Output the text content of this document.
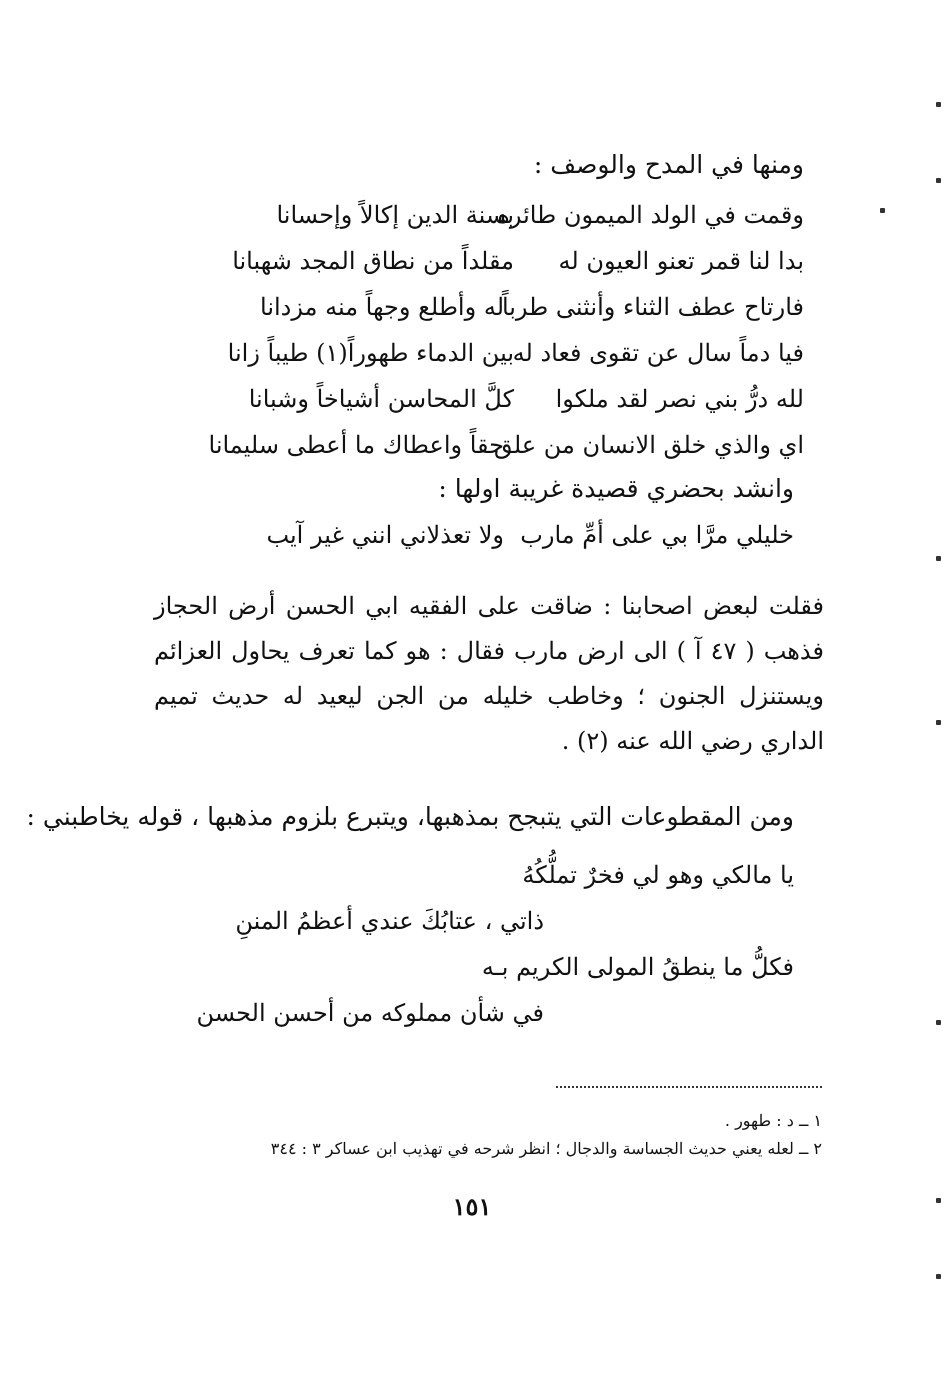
ومنها في المدح والوصف :
وقمت في الولد الميمون طائره
بسنة الدين إكالاً وإحسانا
بدا لنا قمر تعنو العيون له
مقلداً من نطاق المجد شهبانا
فارتاح عطف الثناء وأنثنى طرباً
له وأطلع وجهاً منه مزدانا
فيا دماً سال عن تقوى فعاد له
بين الدماء طهوراً(١) طيباً زانا
لله درُّ بني نصر لقد ملكوا
كلَّ المحاسن أشياخاً وشبانا
اي والذي خلق الانسان من علق
حقاً واعطاك ما أعطى سليمانا
وانشد بحضري قصيدة غريبة اولها :
خليلي مرَّا بي على أمِّ مارب
ولا تعذلاني انني غير آيب
فقلت لبعض اصحابنا : ضاقت على الفقيه ابي الحسن أرض الحجاز فذهب ( ٤٧ آ ) الى ارض مارب فقال : هو كما تعرف يحاول العزائم ويستنزل الجنون ؛ وخاطب خليله من الجن ليعيد له حديث تميم الداري رضي الله عنه (٢) .
ومن المقطوعات التي يتبجح بمذهبها، ويتبرع بلزوم مذهبها ، قوله يخاطبني :
يا مالكي وهو لي فخرٌ تملُّكُهُ
ذاتي ، عتابُكَ عندي أعظمُ المننِ
فكلُّ ما ينطقُ المولى الكريم بـه
في شأن مملوكه من أحسن الحسن
١ ــ د : طهور .
٢ ــ لعله يعني حديث الجساسة والدجال ؛ انظر شرحه في تهذيب ابن عساكر ٣ : ٣٤٤
١٥١
